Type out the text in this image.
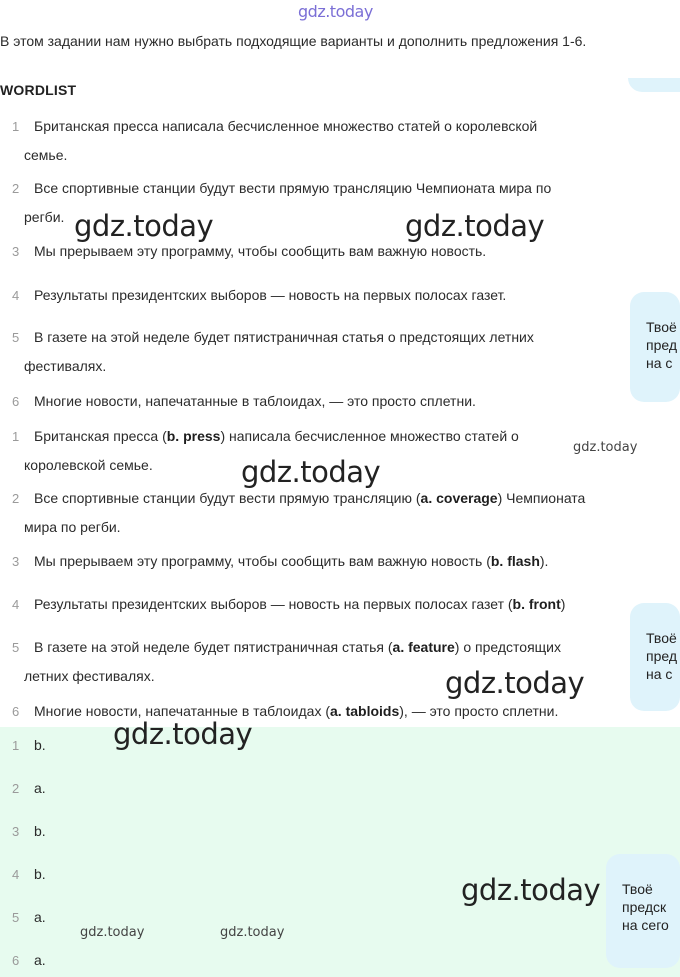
gdz.today
В этом задании нам нужно выбрать подходящие варианты и дополнить предложения 1-6.
WORDLIST
1 Британская пресса написала бесчисленное множество статей о королевской
семье.
2 Все спортивные станции будут вести прямую трансляцию Чемпионата мира по
регби.
3 Мы прерываем эту программу, чтобы сообщить вам важную новость.
4 Результаты президентских выборов — новость на первых полосах газет.
5 В газете на этой неделе будет пятистраничная статья о предстоящих летних
фестивалях.
6 Многие новости, напечатанные в таблоидах, — это просто сплетни.
1 Британская пресса (b. press) написала бесчисленное множество статей о
королевской семье.
2 Все спортивные станции будут вести прямую трансляцию (a. coverage) Чемпионата
мира по регби.
3 Мы прерываем эту программу, чтобы сообщить вам важную новость (b. flash).
4 Результаты президентских выборов — новость на первых полосах газет (b. front)
5 В газете на этой неделе будет пятистраничная статья (a. feature) о предстоящих
летних фестивалях.
6 Многие новости, напечатанные в таблоидах (a. tabloids), — это просто сплетни.
1 b.
2 a.
3 b.
4 b.
5 a.
6 a.
Твоё
пред
на с
Твоё
пред
на с
Твоё
предск
на сего
gdz.today	gdz.today
gdz.today
gdz.today
gdz.today
gdz.today
gdz.today
gdz.today	gdz.today
